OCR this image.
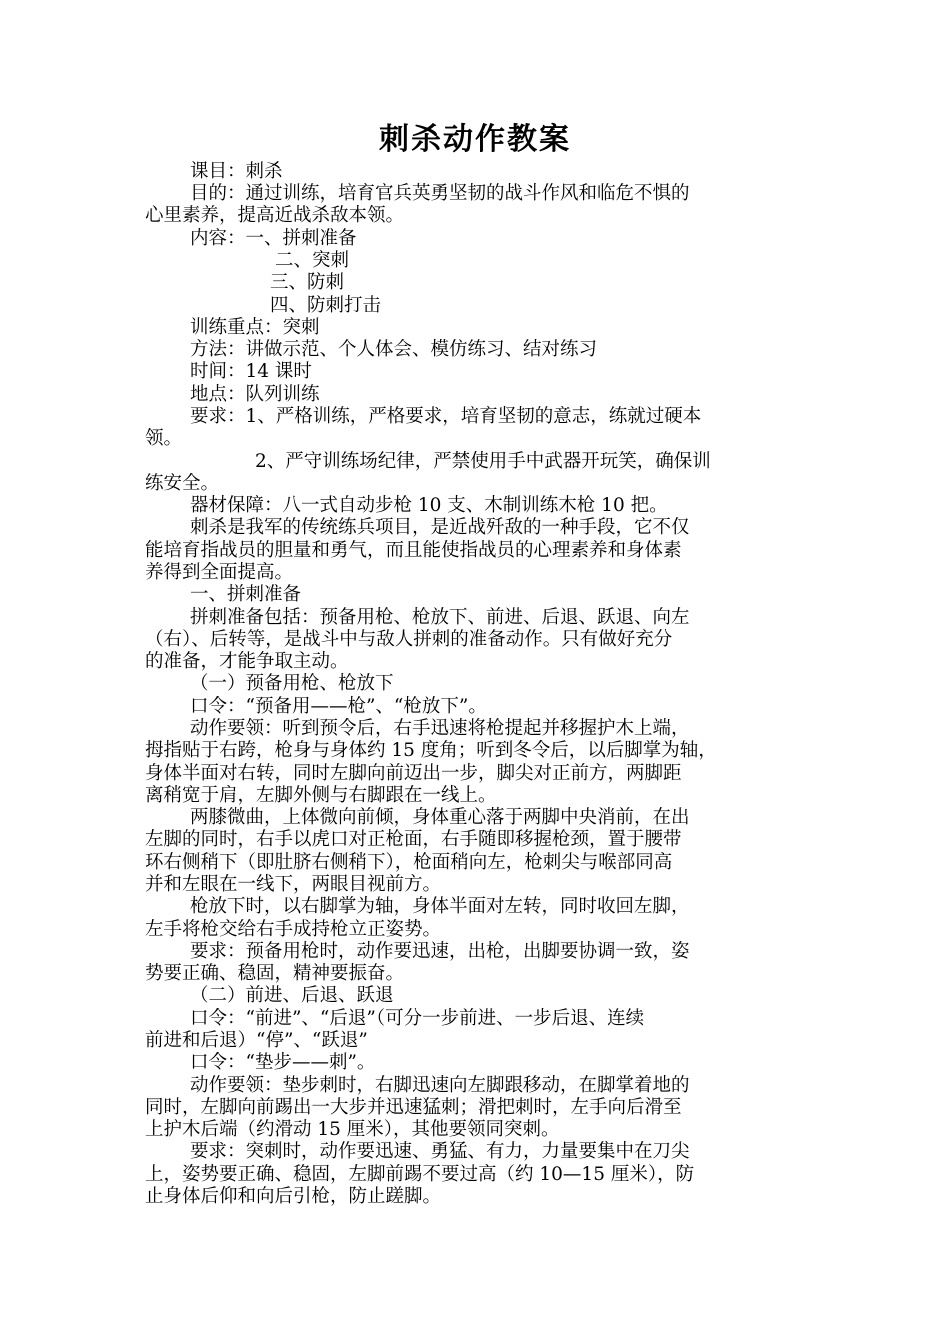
刺杀动作教案
课目：刺杀
目的：通过训练，培育官兵英勇坚韧的战斗作风和临危不惧的
心里素养，提高近战杀敌本领。
内容：一、拼刺准备
二、突刺
三、防刺
四、防刺打击
训练重点：突刺
方法：讲做示范、个人体会、模仿练习、结对练习
时间：14 课时
地点：队列训练
要求：1、严格训练，严格要求，培育坚韧的意志，练就过硬本
领。
2、严守训练场纪律，严禁使用手中武器开玩笑，确保训
练安全。
器材保障：八一式自动步枪 10 支、木制训练木枪 10 把。
刺杀是我军的传统练兵项目，是近战歼敌的一种手段，它不仅
能培育指战员的胆量和勇气，而且能使指战员的心理素养和身体素
养得到全面提高。
一、拼刺准备
拼刺准备包括：预备用枪、枪放下、前进、后退、跃退、向左
（右）、后转等，是战斗中与敌人拼刺的准备动作。只有做好充分
的准备，才能争取主动。
（一）预备用枪、枪放下
口令：“预备用——枪”、“枪放下”。
动作要领：听到预令后，右手迅速将枪提起并移握护木上端，
拇指贴于右跨，枪身与身体约 15 度角；听到冬令后，以后脚掌为轴，
身体半面对右转，同时左脚向前迈出一步，脚尖对正前方，两脚距
离稍宽于肩，左脚外侧与右脚跟在一线上。
两膝微曲，上体微向前倾，身体重心落于两脚中央消前，在出
左脚的同时，右手以虎口对正枪面，右手随即移握枪颈，置于腰带
环右侧稍下（即肚脐右侧稍下），枪面稍向左，枪刺尖与喉部同高
并和左眼在一线下，两眼目视前方。
枪放下时，以右脚掌为轴，身体半面对左转，同时收回左脚，
左手将枪交给右手成持枪立正姿势。
要求：预备用枪时，动作要迅速，出枪，出脚要协调一致，姿
势要正确、稳固，精神要振奋。
（二）前进、后退、跃退
口令：“前进”、“后退”（可分一步前进、一步后退、连续
前进和后退）“停”、“跃退”
口令：“垫步——刺”。
动作要领：垫步刺时，右脚迅速向左脚跟移动，在脚掌着地的
同时，左脚向前踢出一大步并迅速猛刺；滑把刺时，左手向后滑至
上护木后端（约滑动 15 厘米），其他要领同突刺。
要求：突刺时，动作要迅速、勇猛、有力，力量要集中在刀尖
上，姿势要正确、稳固，左脚前踢不要过高（约 10—15 厘米），防
止身体后仰和向后引枪，防止蹉脚。
